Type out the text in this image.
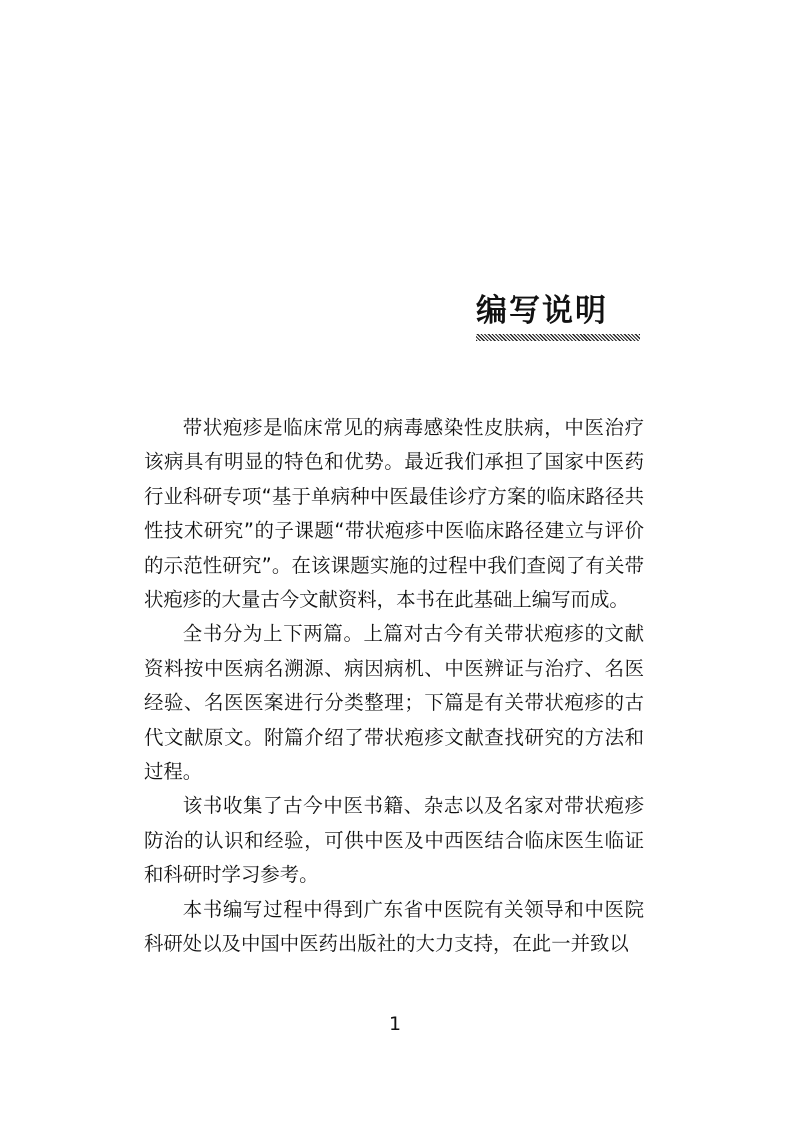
编写说明

带状疱疹是临床常见的病毒感染性皮肤病，中医治疗该病具有明显的特色和优势。最近我们承担了国家中医药行业科研专项“基于单病种中医最佳诊疗方案的临床路径共性技术研究”的子课题“带状疱疹中医临床路径建立与评价的示范性研究”。在该课题实施的过程中我们查阅了有关带状疱疹的大量古今文献资料，本书在此基础上编写而成。

全书分为上下两篇。上篇对古今有关带状疱疹的文献资料按中医病名溯源、病因病机、中医辨证与治疗、名医经验、名医医案进行分类整理；下篇是有关带状疱疹的古代文献原文。附篇介绍了带状疱疹文献查找研究的方法和过程。

该书收集了古今中医书籍、杂志以及名家对带状疱疹防治的认识和经验，可供中医及中西医结合临床医生临证和科研时学习参考。

本书编写过程中得到广东省中医院有关领导和中医院科研处以及中国中医药出版社的大力支持，在此一并致以

1
